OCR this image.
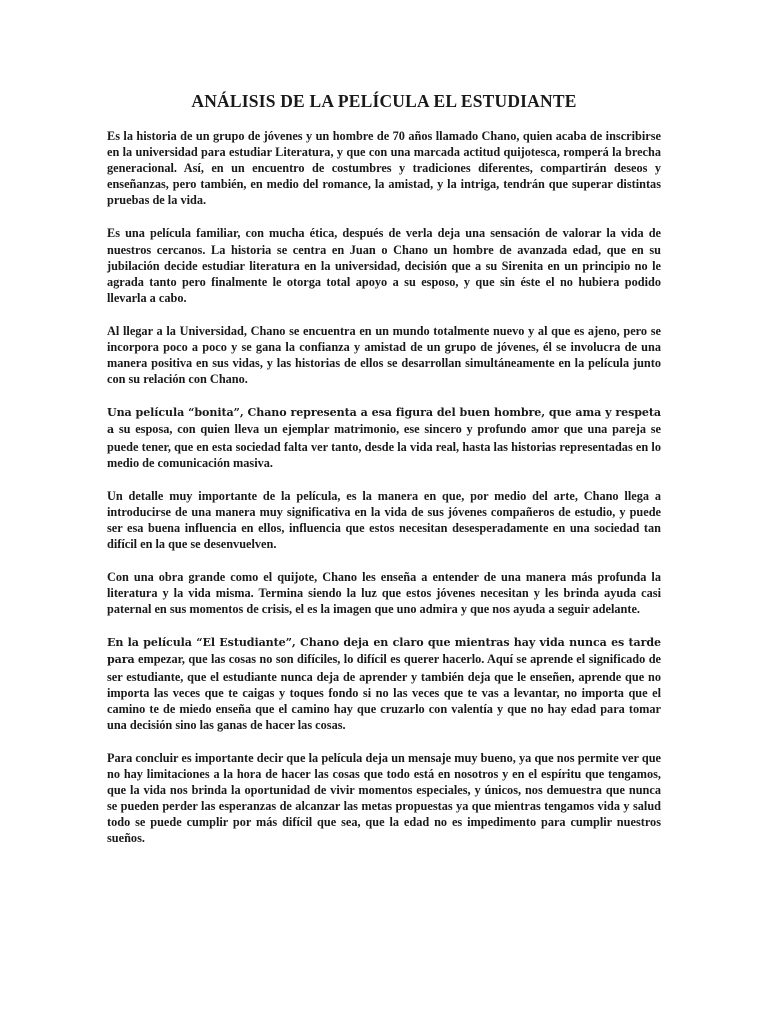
ANÁLISIS DE LA PELÍCULA EL ESTUDIANTE

Es la historia de un grupo de jóvenes y un hombre de 70 años llamado Chano, quien acaba de inscribirse en la universidad para estudiar Literatura, y que con una marcada actitud quijotesca, romperá la brecha generacional. Así, en un encuentro de costumbres y tradiciones diferentes, compartirán deseos y enseñanzas, pero también, en medio del romance, la amistad, y la intriga, tendrán que superar distintas pruebas de la vida.

Es una película familiar, con mucha ética, después de verla deja una sensación de valorar la vida de nuestros cercanos. La historia se centra en Juan o Chano un hombre de avanzada edad, que en su jubilación decide estudiar literatura en la universidad, decisión que a su Sirenita en un principio no le agrada tanto pero finalmente le otorga total apoyo a su esposo, y que sin éste el no hubiera podido llevarla a cabo.

Al llegar a la Universidad, Chano se encuentra en un mundo totalmente nuevo y al que es ajeno, pero se incorpora poco a poco y se gana la confianza y amistad de un grupo de jóvenes, él se involucra de una manera positiva en sus vidas, y las historias de ellos se desarrollan simultáneamente en la película junto con su relación con Chano.

Una película “bonita”, Chano representa a esa figura del buen hombre, que ama y respeta a su esposa, con quien lleva un ejemplar matrimonio, ese sincero y profundo amor que una pareja se puede tener, que en esta sociedad falta ver tanto, desde la vida real, hasta las historias representadas en lo medio de comunicación masiva.

Un detalle muy importante de la película, es la manera en que, por medio del arte, Chano llega a introducirse de una manera muy significativa en la vida de sus jóvenes compañeros de estudio, y puede ser esa buena influencia en ellos, influencia que estos necesitan desesperadamente en una sociedad tan difícil en la que se desenvuelven.

Con una obra grande como el quijote, Chano les enseña a entender de una manera más profunda la literatura y la vida misma. Termina siendo la luz que estos jóvenes necesitan y les brinda ayuda casi paternal en sus momentos de crisis, el es la imagen que uno admira y que nos ayuda a seguir adelante.

En la película “El Estudiante”, Chano deja en claro que mientras hay vida nunca es tarde para empezar, que las cosas no son difíciles, lo difícil es querer hacerlo. Aquí se aprende el significado de ser estudiante, que el estudiante nunca deja de aprender y también deja que le enseñen, aprende que no importa las veces que te caigas y toques fondo si no las veces que te vas a levantar, no importa que el camino te de miedo enseña que el camino hay que cruzarlo con valentía y que no hay edad para tomar una decisión sino las ganas de hacer las cosas.

Para concluir es importante decir que la película deja un mensaje muy bueno, ya que nos permite ver que no hay limitaciones a la hora de hacer las cosas que todo está en nosotros y en el espíritu que tengamos, que la vida nos brinda la oportunidad de vivir momentos especiales, y únicos, nos demuestra que nunca se pueden perder las esperanzas de alcanzar las metas propuestas ya que mientras tengamos vida y salud todo se puede cumplir por más difícil que sea, que la edad no es impedimento para cumplir nuestros sueños.
